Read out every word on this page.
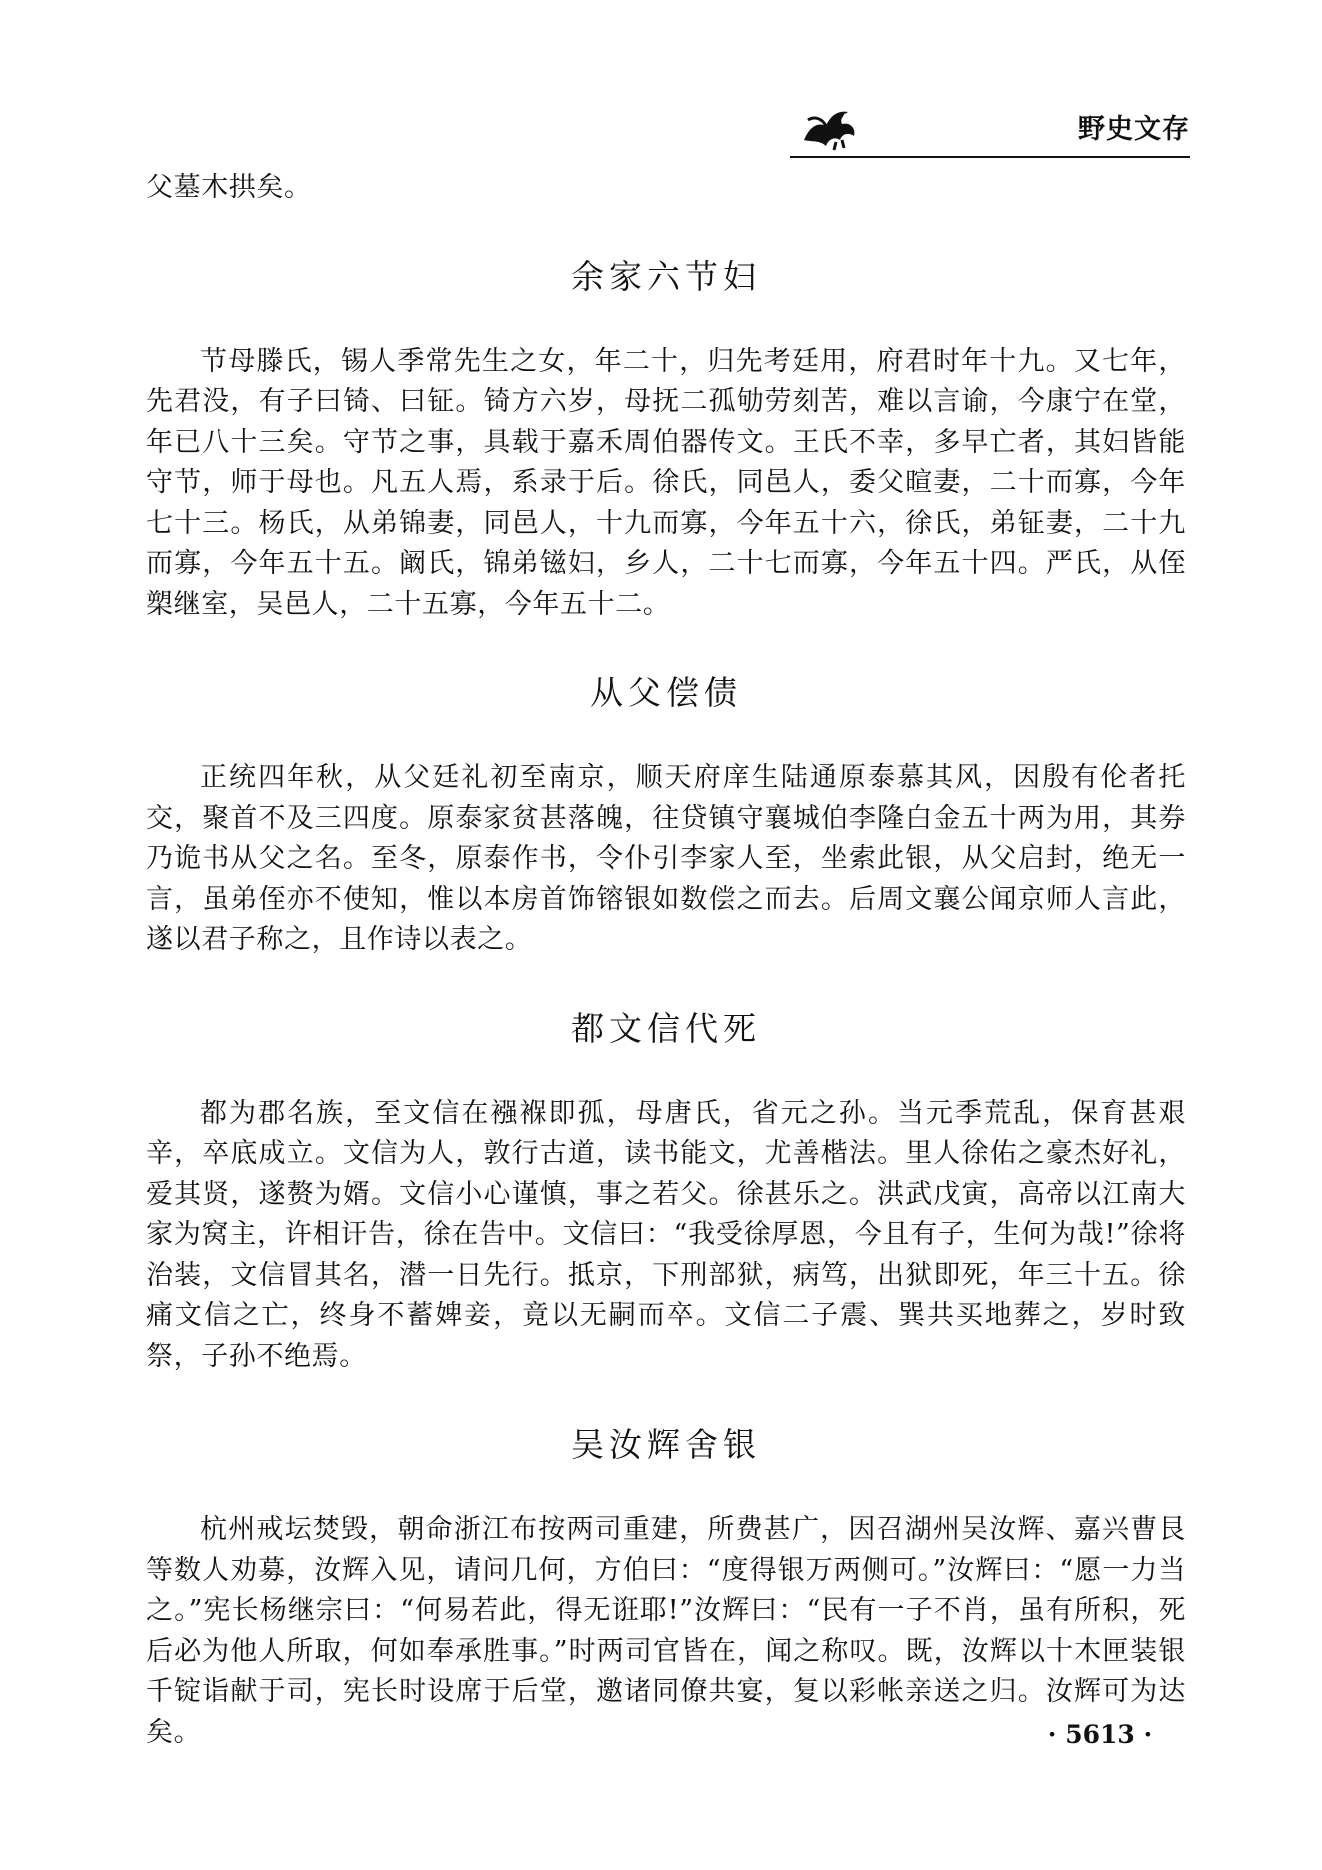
野史文存

父墓木拱矣。

余家六节妇

节母滕氏，锡人季常先生之女，年二十，归先考廷用，府君时年十九。又七年，先君没，有子曰锜、曰钲。锜方六岁，母抚二孤劬劳刻苦，难以言谕，今康宁在堂，年已八十三矣。守节之事，具载于嘉禾周伯器传文。王氏不幸，多早亡者，其妇皆能守节，师于母也。凡五人焉，系录于后。徐氏，同邑人，委父暄妻，二十而寡，今年七十三。杨氏，从弟锦妻，同邑人，十九而寡，今年五十六，徐氏，弟钲妻，二十九而寡，今年五十五。阚氏，锦弟镃妇，乡人，二十七而寡，今年五十四。严氏，从侄槊继室，吴邑人，二十五寡，今年五十二。

从父偿债

正统四年秋，从父廷礼初至南京，顺天府庠生陆通原泰慕其风，因殷有伦者托交，聚首不及三四度。原泰家贫甚落魄，往贷镇守襄城伯李隆白金五十两为用，其券乃诡书从父之名。至冬，原泰作书，令仆引李家人至，坐索此银，从父启封，绝无一言，虽弟侄亦不使知，惟以本房首饰镕银如数偿之而去。后周文襄公闻京师人言此，遂以君子称之，且作诗以表之。

都文信代死

都为郡名族，至文信在襁褓即孤，母唐氏，省元之孙。当元季荒乱，保育甚艰辛，卒底成立。文信为人，敦行古道，读书能文，尤善楷法。里人徐佑之豪杰好礼，爱其贤，遂赘为婿。文信小心谨慎，事之若父。徐甚乐之。洪武戊寅，高帝以江南大家为窝主，许相讦告，徐在告中。文信曰：“我受徐厚恩，今且有子，生何为哉!”徐将治装，文信冒其名，潜一日先行。抵京，下刑部狱，病笃，出狱即死，年三十五。徐痛文信之亡，终身不蓄婢妾，竟以无嗣而卒。文信二子震、巽共买地葬之，岁时致祭，子孙不绝焉。

吴汝辉舍银

杭州戒坛焚毁，朝命浙江布按两司重建，所费甚广，因召湖州吴汝辉、嘉兴曹艮等数人劝募，汝辉入见，请问几何，方伯曰：“度得银万两侧可。”汝辉曰：“愿一力当之。”宪长杨继宗曰：“何易若此，得无诳耶!”汝辉曰：“民有一子不肖，虽有所积，死后必为他人所取，何如奉承胜事。”时两司官皆在，闻之称叹。既，汝辉以十木匣装银千锭诣献于司，宪长时设席于后堂，邀诸同僚共宴，复以彩帐亲送之归。汝辉可为达矣。	· 5613 ·
